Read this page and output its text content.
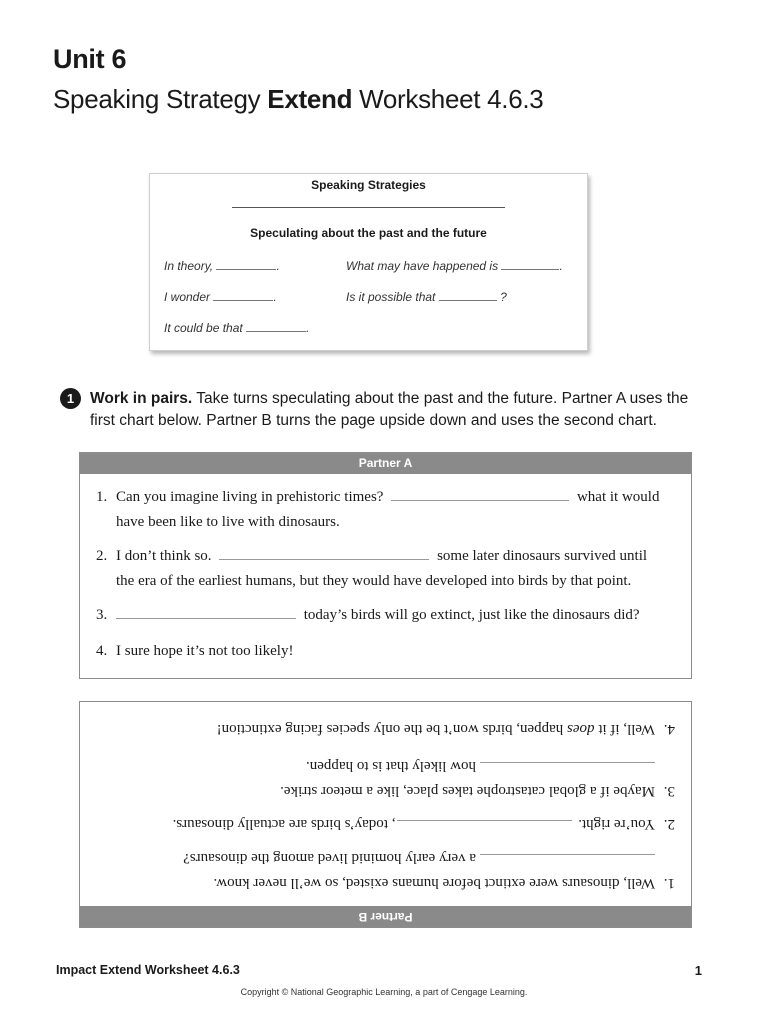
Unit 6
Speaking Strategy Extend Worksheet 4.6.3
Speaking Strategies
Speculating about the past and the future
In theory,	.	What may have happened is	.
I wonder	.	Is it possible that	?
It could be that	.
1	Work in pairs. Take turns speculating about the past and the future. Partner A uses the first chart below. Partner B turns the page upside down and uses the second chart.
Partner A
1. Can you imagine living in prehistoric times?	what it would have been like to live with dinosaurs.
2. I don’t think so.	some later dinosaurs survived until the era of the earliest humans, but they would have developed into birds by that point.
3.	today’s birds will go extinct, just like the dinosaurs did?
4. I sure hope it’s not too likely!
Partner B
1.
Well, dinosaurs were extinct before humans existed, so we’ll never know.
a very early hominid lived among the dinosaurs?
2.
You’re right. , today’s birds are actually dinosaurs.
3.
Maybe if a global catastrophe takes place, like a meteor strike.
how likely that is to happen.
4.
Well, if it does happen, birds won’t be the only species facing extinction!
Impact Extend Worksheet 4.6.3	1
Copyright © National Geographic Learning, a part of Cengage Learning.
